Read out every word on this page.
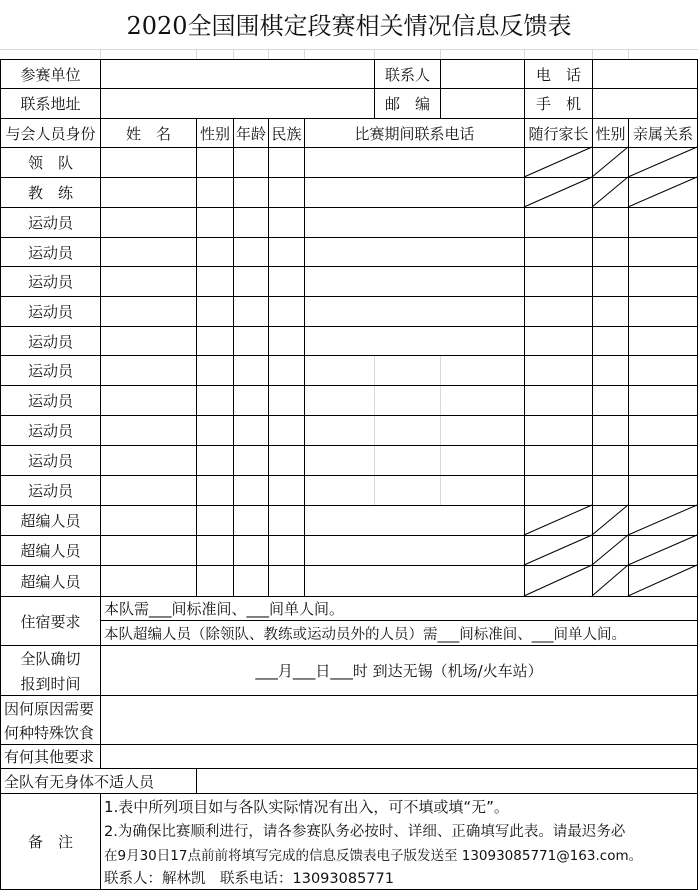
2020全国围棋定段赛相关情况信息反馈表
参赛单位	联系人	电　话
联系地址	邮　编	手　机
与会人员身份	姓　名	性别 年龄 民族	比赛期间联系电话	随行家长 性别 亲属关系
领　队
教　练
运动员
运动员
运动员
运动员
运动员
运动员
运动员
运动员
运动员
运动员
超编人员
超编人员
超编人员
住宿要求
本队需___间标准间、___间单人间。
本队超编人员（除领队、教练或运动员外的人员）需___间标准间、___间单人间。
全队确切
报到时间
___月___日___时 到达无锡（机场/火车站）
因何原因需要
何种特殊饮食
有何其他要求
全队有无身体不适人员
备　注
1.表中所列项目如与各队实际情况有出入，可不填或填“无”。
2.为确保比赛顺利进行，请各参赛队务必按时、详细、正确填写此表。请最迟务必
在9月30日17点前前将填写完成的信息反馈表电子版发送至 13093085771@163.com。
联系人：解林凯　联系电话：13093085771
